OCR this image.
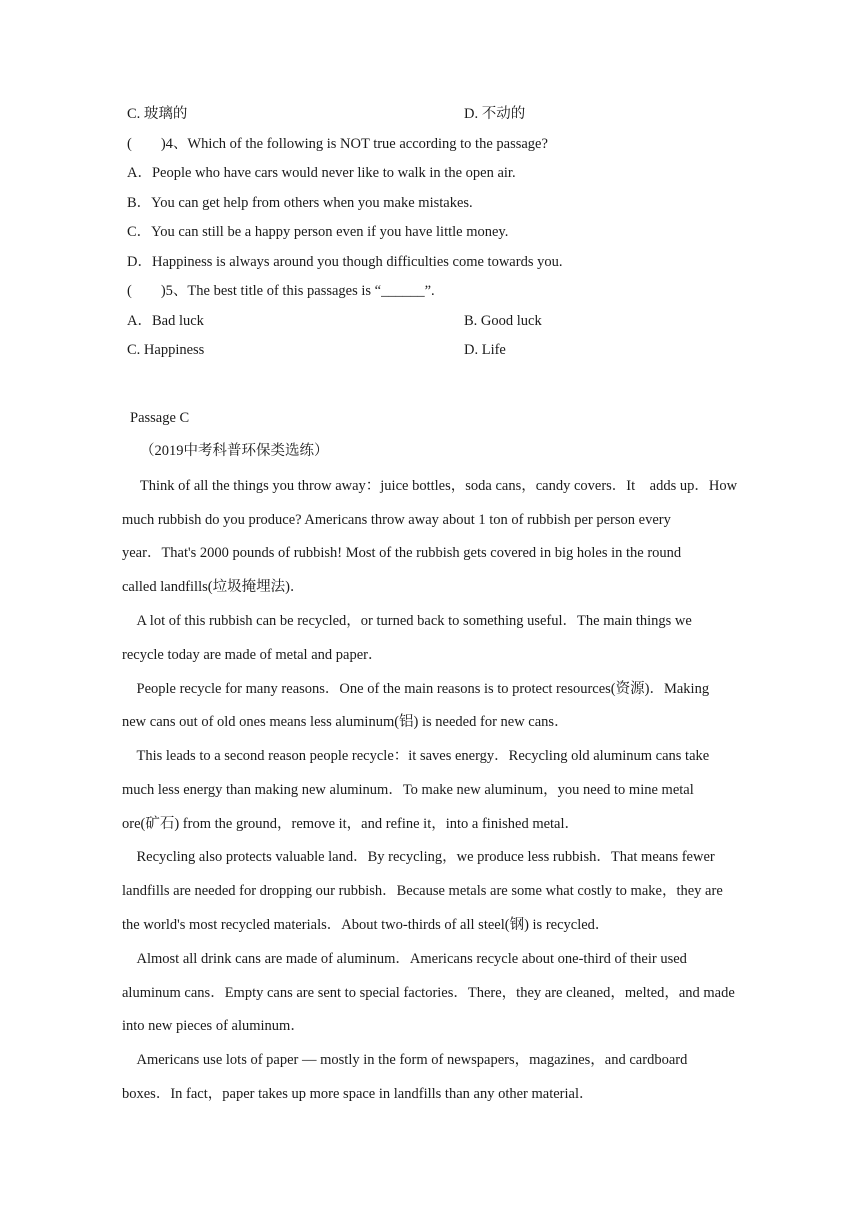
C. 玻璃的	D. 不动的
(　　)4、Which of the following is NOT true according to the passage?
A．People who have cars would never like to walk in the open air.
B．You can get help from others when you make mistakes.
C．You can still be a happy person even if you have little money.
D．Happiness is always around you though difficulties come towards you.
(　　)5、The best title of this passages is “______”.
A．Bad luck	B. Good luck
C. Happiness	D. Life
Passage C
（2019中考科普环保类选练）
　 Think of all the things you throw away：juice bottles，soda cans，candy covers．It　adds up．How
much rubbish do you produce? Americans throw away about 1 ton of rubbish per person every
year．That's 2000 pounds of rubbish! Most of the rubbish gets covered in big holes in the round
called landfills(垃圾掩埋法)．
　A lot of this rubbish can be recycled，or turned back to something useful．The main things we
recycle today are made of metal and paper．
　People recycle for many reasons．One of the main reasons is to protect resources(资源)．Making
new cans out of old ones means less aluminum(铝) is needed for new cans．
　This leads to a second reason people recycle：it saves energy．Recycling old aluminum cans take
much less energy than making new aluminum．To make new aluminum，you need to mine metal
ore(矿石) from the ground，remove it，and refine it，into a finished metal．
　Recycling also protects valuable land．By recycling，we produce less rubbish．That means fewer
landfills are needed for dropping our rubbish．Because metals are some what costly to make，they are
the world's most recycled materials．About two-thirds of all steel(钢) is recycled．
　Almost all drink cans are made of aluminum．Americans recycle about one-third of their used
aluminum cans．Empty cans are sent to special factories．There，they are cleaned，melted，and made
into new pieces of aluminum．
　Americans use lots of paper — mostly in the form of newspapers，magazines，and cardboard
boxes．In fact，paper takes up more space in landfills than any other material．
